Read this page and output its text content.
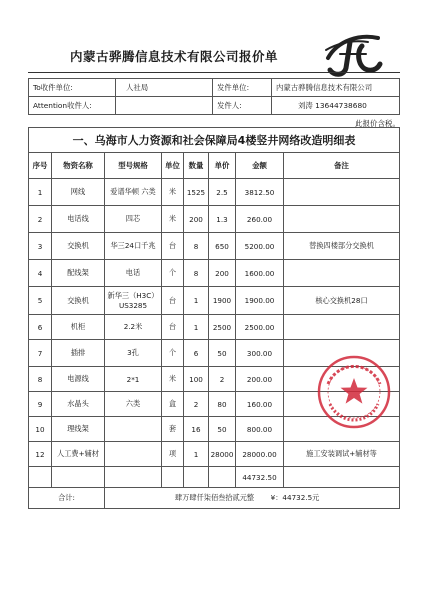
内蒙古骅腾信息技术有限公司报价单
To收件单位:	人社局	发件单位:	内蒙古骅腾信息技术有限公司
Attention收件人:		发件人:	刘涛 13644738680
此报价含税。
一、乌海市人力资源和社会保障局4楼竖井网络改造明细表							
序号	物资名称	型号规格	单位	数量	单价	金额	备注
1	网线	爱谱华顿 六类	米	1525	2.5	3812.50	
2	电话线	四芯	米	200	1.3	260.00	
3	交换机	华三24口千兆	台	8	650	5200.00	替换四楼部分交换机
4	配线架	电话	个	8	200	1600.00	
5	交换机	新华三（H3C）US3285	台	1	1900	1900.00	核心交换机28口
6	机柜	2.2米	台	1	2500	2500.00	
7	插排	3孔	个	6	50	300.00	
8	电源线	2*1	米	100	2	200.00	
9	水晶头	六类	盒	2	80	160.00	
10	理线架		套	16	50	800.00	
12	人工费+辅材		项	1	28000	28000.00	施工安装调试+辅材等
						44732.50	
合计:		肆万肆仟柒佰叁拾贰元整 ¥：44732.5元					
